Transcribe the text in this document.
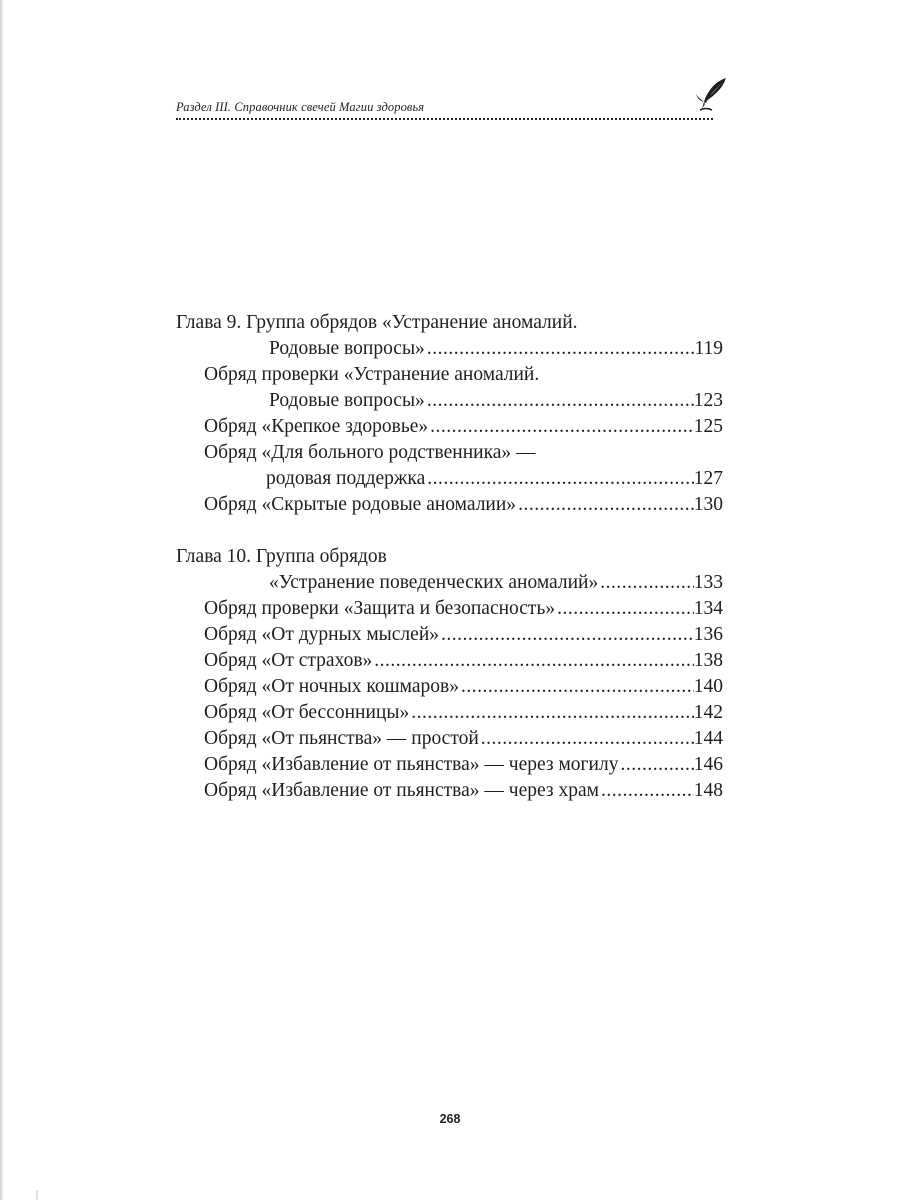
Раздел III. Справочник свечей Магии здоровья
Глава 9. Группа обрядов «Устранение аномалий.
Родовые вопросы» .....	119
Обряд проверки «Устранение аномалий.
Родовые вопросы» .....	123
Обряд «Крепкое здоровье» .....	125
Обряд «Для больного родственника» —
родовая поддержка .....	127
Обряд «Скрытые родовые аномалии» .....	130
Глава 10. Группа обрядов
«Устранение поведенческих аномалий» .....	133
Обряд проверки «Защита и безопасность» .....	134
Обряд «От дурных мыслей» .....	136
Обряд «От страхов» .....	138
Обряд «От ночных кошмаров» .....	140
Обряд «От бессонницы» .....	142
Обряд «От пьянства» — простой .....	144
Обряд «Избавление от пьянства» — через могилу .....	146
Обряд «Избавление от пьянства» — через храм .....	148
268
